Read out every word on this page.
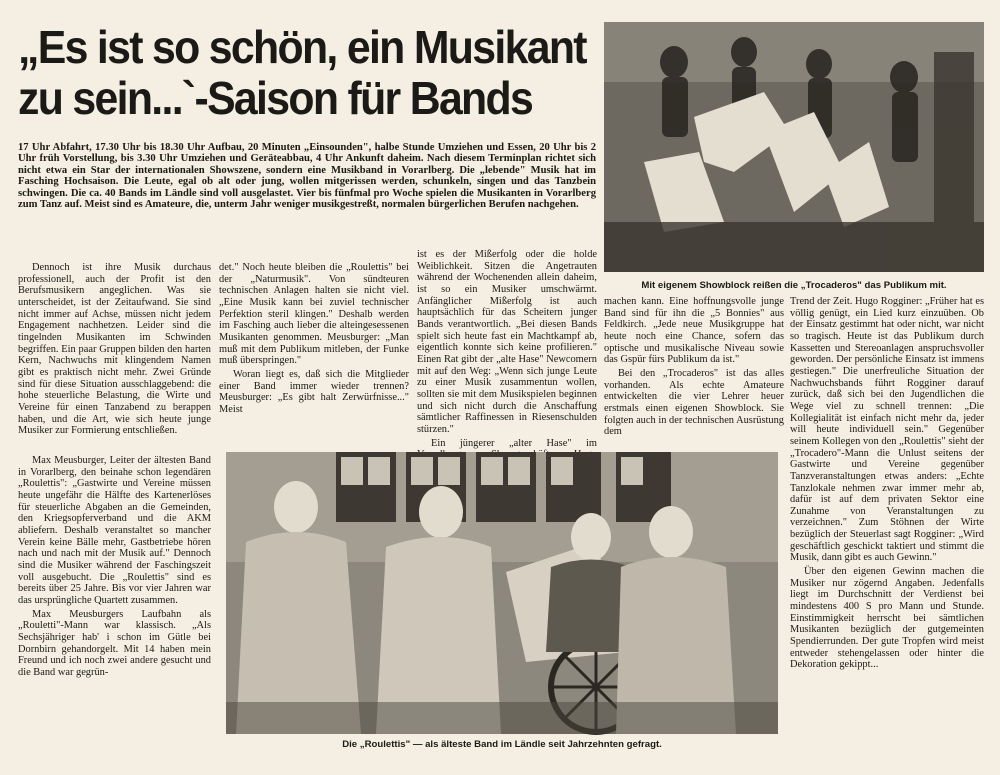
„Es ist so schön, ein Musikant
zu sein...`-Saison für Bands
17 Uhr Abfahrt, 17.30 Uhr bis 18.30 Uhr Aufbau, 20 Minuten „Einsounden", halbe Stunde Umziehen und Essen, 20 Uhr bis 2 Uhr früh Vorstellung, bis 3.30 Uhr Umziehen und Geräteabbau, 4 Uhr Ankunft daheim. Nach diesem Terminplan richtet sich nicht etwa ein Star der internationalen Showszene, sondern eine Musikband in Vorarlberg. Die „lebende" Musik hat im Fasching Hochsaison. Die Leute, egal ob alt oder jung, wollen mitgerissen werden, schunkeln, singen und das Tanzbein schwingen. Die ca. 40 Bands im Ländle sind voll ausgelastet. Vier bis fünfmal pro Woche spielen die Musikanten in Vorarlberg zum Tanz auf. Meist sind es Amateure, die, unterm Jahr weniger musikgestreßt, normalen bürgerlichen Berufen nachgehen.
Mit eigenem Showblock reißen die „Trocaderos" das Publikum mit.

Dennoch ist ihre Musik durchaus professionell, auch der Profit ist den Berufsmusikern angeglichen. Was sie unterscheidet, ist der Zeitaufwand. Sie sind nicht immer auf Achse, müssen nicht jedem Engagement nachhetzen. Leider sind die tingelnden Musikanten im Schwinden begriffen. Ein paar Gruppen bilden den harten Kern, Nachwuchs mit klingendem Namen gibt es praktisch nicht mehr. Zwei Gründe sind für diese Situation ausschlaggebend: die hohe steuerliche Belastung, die Wirte und Vereine für einen Tanzabend zu berappen haben, und die Art, wie sich heute junge Musiker zur Formierung entschließen.

det." Noch heute bleiben die „Roulettis" bei der „Naturmusik". Von sündteuren technischen Anlagen halten sie nicht viel. „Eine Musik kann bei zuviel technischer Perfektion steril klingen." Deshalb werden im Fasching auch lieber die alteingesessenen Musikanten genommen. Meusburger: „Man muß mit dem Publikum mitleben, der Funke muß überspringen."

Woran liegt es, daß sich die Mitglieder einer Band immer wieder trennen? Meusburger: „Es gibt halt Zerwürfnisse..." Meist

ist es der Mißerfolg oder die holde Weiblichkeit. Sitzen die Angetrauten während der Wochenenden allein daheim, ist so ein Musiker umschwärmt. Anfänglicher Mißerfolg ist auch hauptsächlich für das Scheitern junger Bands verantwortlich. „Bei diesen Bands spielt sich heute fast ein Machtkampf ab, eigentlich konnte sich keine profilieren." Einen Rat gibt der „alte Hase" Newcomern mit auf den Weg: „Wenn sich junge Leute zu einer Musik zusammentun wollen, sollten sie mit dem Musikspielen beginnen und sich nicht durch die Anschaffung sämtlicher Raffinessen in Riesenschulden stürzen."

Ein jüngerer „alter Hase" im

machen kann. Eine hoffnungsvolle junge Band sind für ihn die „5 Bonnies" aus Feldkirch. „Jede neue Musikgruppe hat heute noch eine Chance, sofern das optische und musikalische Niveau sowie das Gspür fürs Publikum da ist."

Bei den „Trocaderos" ist das alles vorhanden. Als echte Amateure entwickelten die vier Lehrer heuer erstmals einen eigenen Showblock. Sie folgten auch in der technischen Ausrüstung dem

Max Meusburger, Leiter der ältesten Band in Vorarlberg, den beinahe schon legendären „Roulettis": „Gastwirte und Vereine müssen heute ungefähr die Hälfte des Kartenerlöses für steuerliche Abgaben an die Gemeinden, den Kriegsopferverband und die AKM abliefern. Deshalb veranstaltet so mancher Verein keine Bälle mehr, Gastbetriebe hören nach und nach mit der Musik auf." Dennoch sind die Musiker während der Faschingszeit voll ausgebucht. Die „Roulettis" sind es bereits über 25 Jahre. Bis vor vier Jahren war das ursprüngliche Quartett zusammen.

Max Meusburgers Laufbahn als „Rouletti"-Mann war klassisch. „Als Sechsjähriger hab' i schon im Gütle bei Dornbirn gehandorgelt. Mit 14 haben mein Freund und ich noch zwei andere gesucht und die Band war gegrün-

Die „Roulettis" — als älteste Band im Ländle seit Jahrzehnten gefragt.

Trend der Zeit. Hugo Rogginer: „Früher hat es völlig genügt, ein Lied kurz einzuüben. Ob der Einsatz gestimmt hat oder nicht, war nicht so tragisch. Heute ist das Publikum durch Kassetten und Stereoanlagen anspruchsvoller geworden. Der persönliche Einsatz ist immens gestiegen." Die unerfreuliche Situation der Nachwuchsbands führt Rogginer darauf zurück, daß sich bei den Jugendlichen die Wege viel zu schnell trennen: „Die Kollegialität ist einfach nicht mehr da, jeder will heute individuell sein." Gegenüber seinem Kollegen von den „Roulettis" sieht der „Trocadero"-Mann die Unlust seitens der Gastwirte und Vereine gegenüber Tanzveranstaltungen etwas anders: „Echte Tanzlokale nehmen zwar immer mehr ab, dafür ist auf dem privaten Sektor eine Zunahme von Veranstaltungen zu verzeichnen." Zum Stöhnen der Wirte bezüglich der Steuerlast sagt Rogginer: „Wird geschäftlich geschickt taktiert und stimmt die Musik, dann gibt es auch Gewinn."

Über den eigenen Gewinn machen die Musiker nur zögernd Angaben. Jedenfalls liegt im Durchschnitt der Verdienst bei mindestens 400 S pro Mann und Stunde. Einstimmigkeit herrscht bei sämtlichen Musikanten bezüglich der gutgemeinten Spendierrunden. Der gute Tropfen wird meist entweder stehengelassen oder hinter die Dekoration gekippt...
